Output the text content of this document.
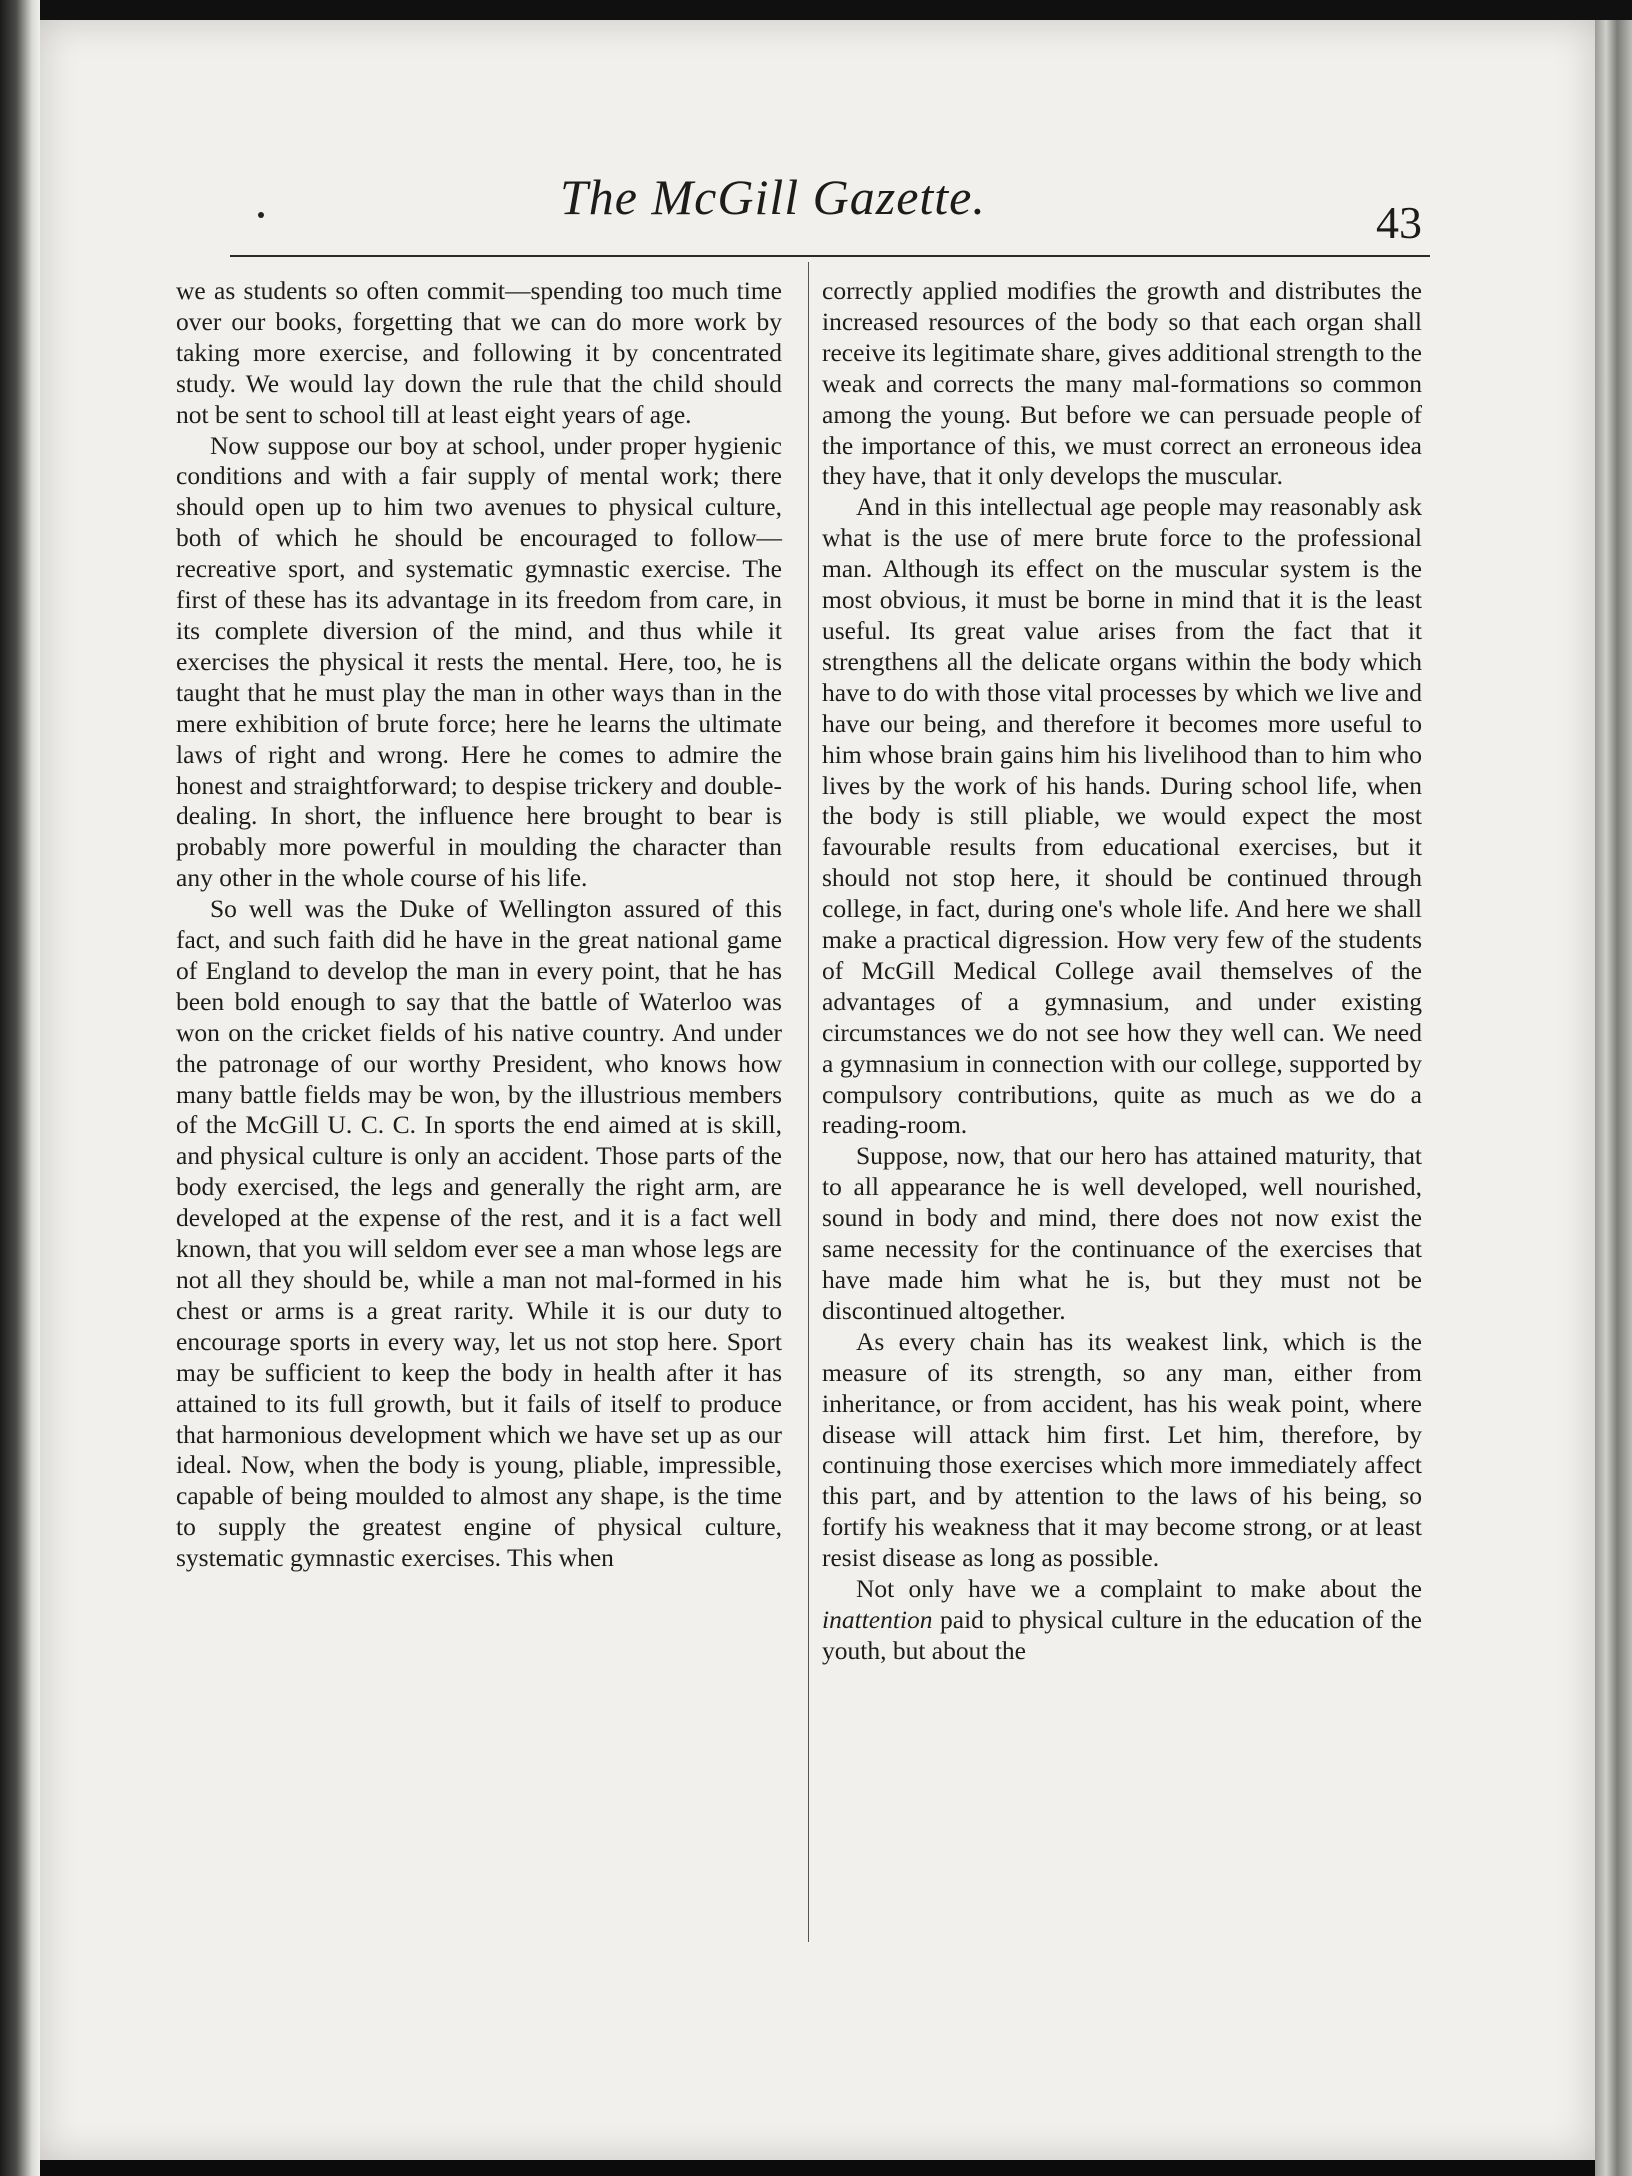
The McGill Gazette.	43

we as students so often commit—spending too much time over our books, forgetting that we can do more work by taking more exercise, and following it by concentrated study. We would lay down the rule that the child should not be sent to school till at least eight years of age.

Now suppose our boy at school, under proper hygienic conditions and with a fair supply of mental work; there should open up to him two avenues to physical culture, both of which he should be encouraged to follow—recreative sport, and systematic gymnastic exercise. The first of these has its advantage in its freedom from care, in its complete diversion of the mind, and thus while it exercises the physical it rests the mental. Here, too, he is taught that he must play the man in other ways than in the mere exhibition of brute force; here he learns the ultimate laws of right and wrong. Here he comes to admire the honest and straightforward; to despise trickery and double-dealing. In short, the influence here brought to bear is probably more powerful in moulding the character than any other in the whole course of his life.

So well was the Duke of Wellington assured of this fact, and such faith did he have in the great national game of England to develop the man in every point, that he has been bold enough to say that the battle of Waterloo was won on the cricket fields of his native country. And under the patronage of our worthy President, who knows how many battle fields may be won, by the illustrious members of the McGill U. C. C. In sports the end aimed at is skill, and physical culture is only an accident. Those parts of the body exercised, the legs and generally the right arm, are developed at the expense of the rest, and it is a fact well known, that you will seldom ever see a man whose legs are not all they should be, while a man not mal-formed in his chest or arms is a great rarity. While it is our duty to encourage sports in every way, let us not stop here. Sport may be sufficient to keep the body in health after it has attained to its full growth, but it fails of itself to produce that harmonious development which we have set up as our ideal. Now, when the body is young, pliable, impressible, capable of being moulded to almost any shape, is the time to supply the greatest engine of physical culture, systematic gymnastic exercises. This when

correctly applied modifies the growth and distributes the increased resources of the body so that each organ shall receive its legitimate share, gives additional strength to the weak and corrects the many mal-formations so common among the young. But before we can persuade people of the importance of this, we must correct an erroneous idea they have, that it only develops the muscular.

And in this intellectual age people may reasonably ask what is the use of mere brute force to the professional man. Although its effect on the muscular system is the most obvious, it must be borne in mind that it is the least useful. Its great value arises from the fact that it strengthens all the delicate organs within the body which have to do with those vital processes by which we live and have our being, and therefore it becomes more useful to him whose brain gains him his livelihood than to him who lives by the work of his hands. During school life, when the body is still pliable, we would expect the most favourable results from educational exercises, but it should not stop here, it should be continued through college, in fact, during one's whole life. And here we shall make a practical digression. How very few of the students of McGill Medical College avail themselves of the advantages of a gymnasium, and under existing circumstances we do not see how they well can. We need a gymnasium in connection with our college, supported by compulsory contributions, quite as much as we do a reading-room.

Suppose, now, that our hero has attained maturity, that to all appearance he is well developed, well nourished, sound in body and mind, there does not now exist the same necessity for the continuance of the exercises that have made him what he is, but they must not be discontinued altogether.

As every chain has its weakest link, which is the measure of its strength, so any man, either from inheritance, or from accident, has his weak point, where disease will attack him first. Let him, therefore, by continuing those exercises which more immediately affect this part, and by attention to the laws of his being, so fortify his weakness that it may become strong, or at least resist disease as long as possible.

Not only have we a complaint to make about the inattention paid to physical culture in the education of the youth, but about the
